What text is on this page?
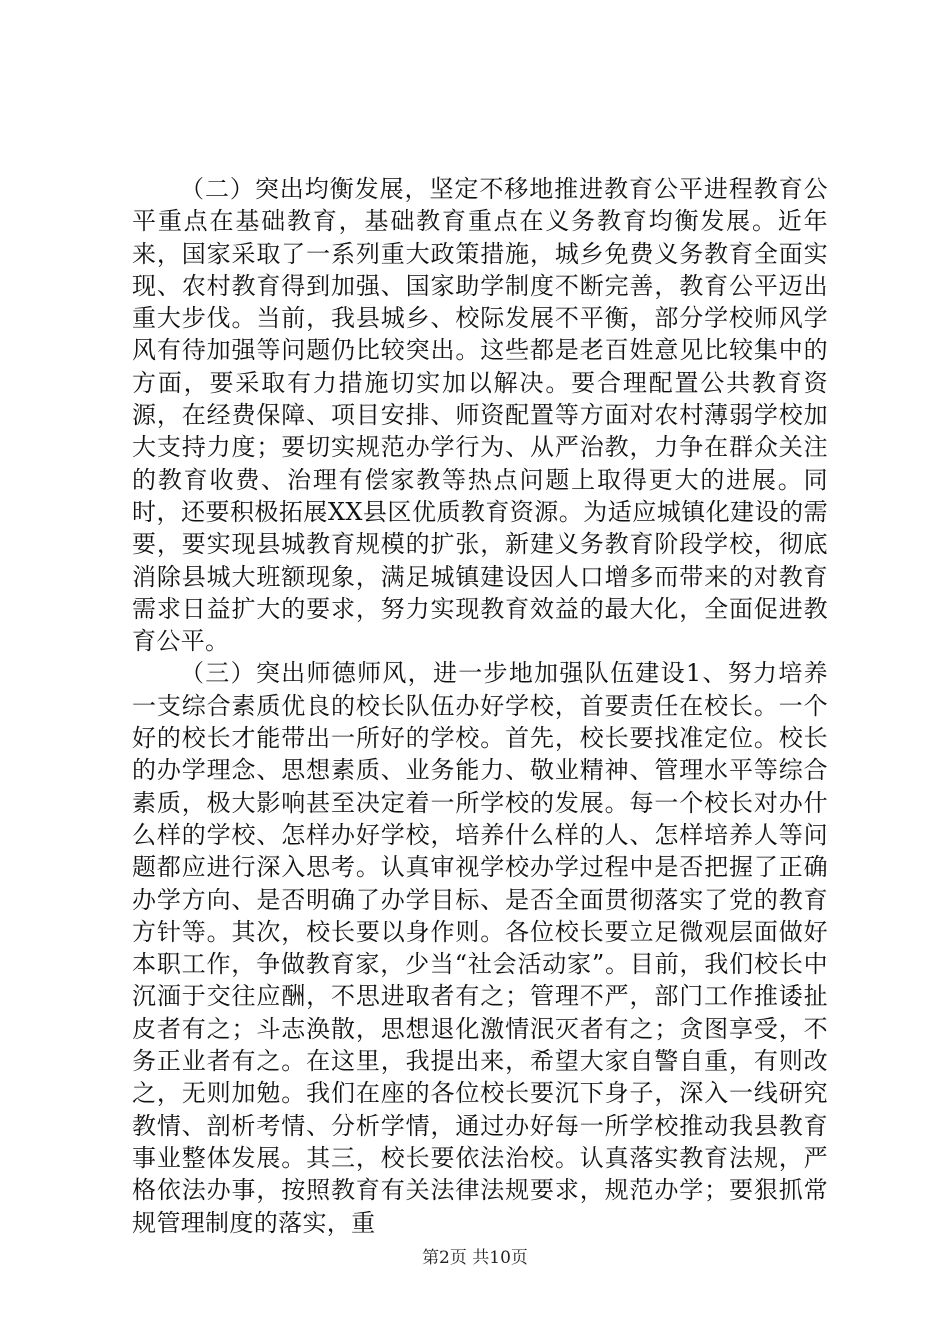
（二）突出均衡发展，坚定不移地推进教育公平进程教育公平重点在基础教育，基础教育重点在义务教育均衡发展。近年来，国家采取了一系列重大政策措施，城乡免费义务教育全面实现、农村教育得到加强、国家助学制度不断完善，教育公平迈出重大步伐。当前，我县城乡、校际发展不平衡，部分学校师风学风有待加强等问题仍比较突出。这些都是老百姓意见比较集中的方面，要采取有力措施切实加以解决。要合理配置公共教育资源，在经费保障、项目安排、师资配置等方面对农村薄弱学校加大支持力度；要切实规范办学行为、从严治教，力争在群众关注的教育收费、治理有偿家教等热点问题上取得更大的进展。同时，还要积极拓展XX县区优质教育资源。为适应城镇化建设的需要，要实现县城教育规模的扩张，新建义务教育阶段学校，彻底消除县城大班额现象，满足城镇建设因人口增多而带来的对教育需求日益扩大的要求，努力实现教育效益的最大化，全面促进教育公平。

（三）突出师德师风，进一步地加强队伍建设1、努力培养一支综合素质优良的校长队伍办好学校，首要责任在校长。一个好的校长才能带出一所好的学校。首先，校长要找准定位。校长的办学理念、思想素质、业务能力、敬业精神、管理水平等综合素质，极大影响甚至决定着一所学校的发展。每一个校长对办什么样的学校、怎样办好学校，培养什么样的人、怎样培养人等问题都应进行深入思考。认真审视学校办学过程中是否把握了正确办学方向、是否明确了办学目标、是否全面贯彻落实了党的教育方针等。其次，校长要以身作则。各位校长要立足微观层面做好本职工作，争做教育家，少当“社会活动家”。目前，我们校长中沉湎于交往应酬，不思进取者有之；管理不严，部门工作推诿扯皮者有之；斗志涣散，思想退化激情泯灭者有之；贪图享受，不务正业者有之。在这里，我提出来，希望大家自警自重，有则改之，无则加勉。我们在座的各位校长要沉下身子，深入一线研究教情、剖析考情、分析学情，通过办好每一所学校推动我县教育事业整体发展。其三，校长要依法治校。认真落实教育法规，严格依法办事，按照教育有关法律法规要求，规范办学；要狠抓常规管理制度的落实，重

第2页 共10页
